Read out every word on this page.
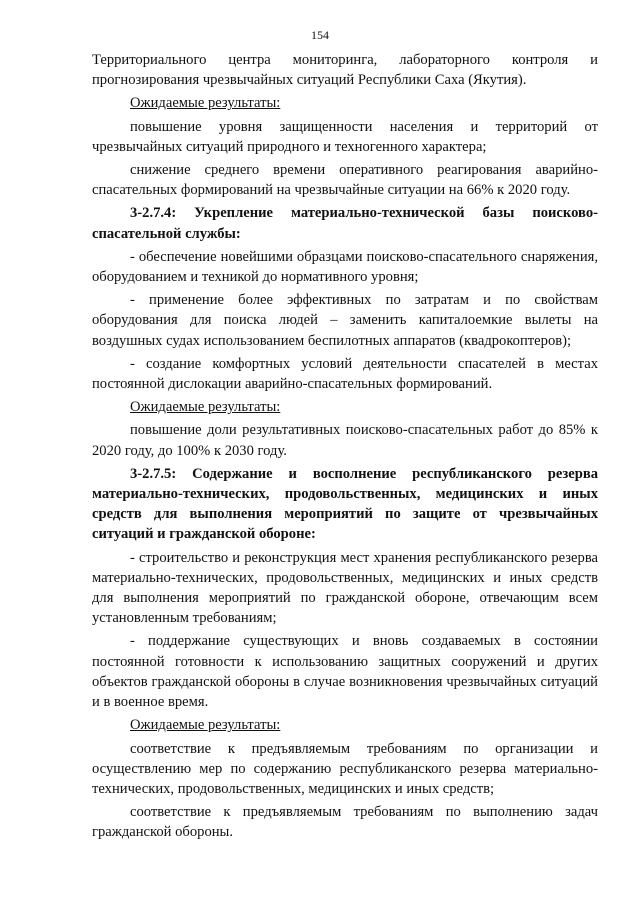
154

Территориального центра мониторинга, лабораторного контроля и прогнозирования чрезвычайных ситуаций Республики Саха (Якутия).

Ожидаемые результаты:

повышение уровня защищенности населения и территорий от чрезвычайных ситуаций природного и техногенного характера;

снижение среднего времени оперативного реагирования аварийно-спасательных формирований на чрезвычайные ситуации на 66% к 2020 году.

3-2.7.4: Укрепление материально-технической базы поисково-спасательной службы:

- обеспечение новейшими образцами поисково-спасательного снаряжения, оборудованием и техникой до нормативного уровня;

- применение более эффективных по затратам и по свойствам оборудования для поиска людей – заменить капиталоемкие вылеты на воздушных судах использованием беспилотных аппаратов (квадрокоптеров);

- создание комфортных условий деятельности спасателей в местах постоянной дислокации аварийно-спасательных формирований.

Ожидаемые результаты:

повышение доли результативных поисково-спасательных работ до 85% к 2020 году, до 100% к 2030 году.

3-2.7.5: Содержание и восполнение республиканского резерва материально-технических, продовольственных, медицинских и иных средств для выполнения мероприятий по защите от чрезвычайных ситуаций и гражданской обороне:

- строительство и реконструкция мест хранения республиканского резерва материально-технических, продовольственных, медицинских и иных средств для выполнения мероприятий по гражданской обороне, отвечающим всем установленным требованиям;

- поддержание существующих и вновь создаваемых в состоянии постоянной готовности к использованию защитных сооружений и других объектов гражданской обороны в случае возникновения чрезвычайных ситуаций и в военное время.

Ожидаемые результаты:

соответствие к предъявляемым требованиям по организации и осуществлению мер по содержанию республиканского резерва материально-технических, продовольственных, медицинских и иных средств;

соответствие к предъявляемым требованиям по выполнению задач гражданской обороны.
